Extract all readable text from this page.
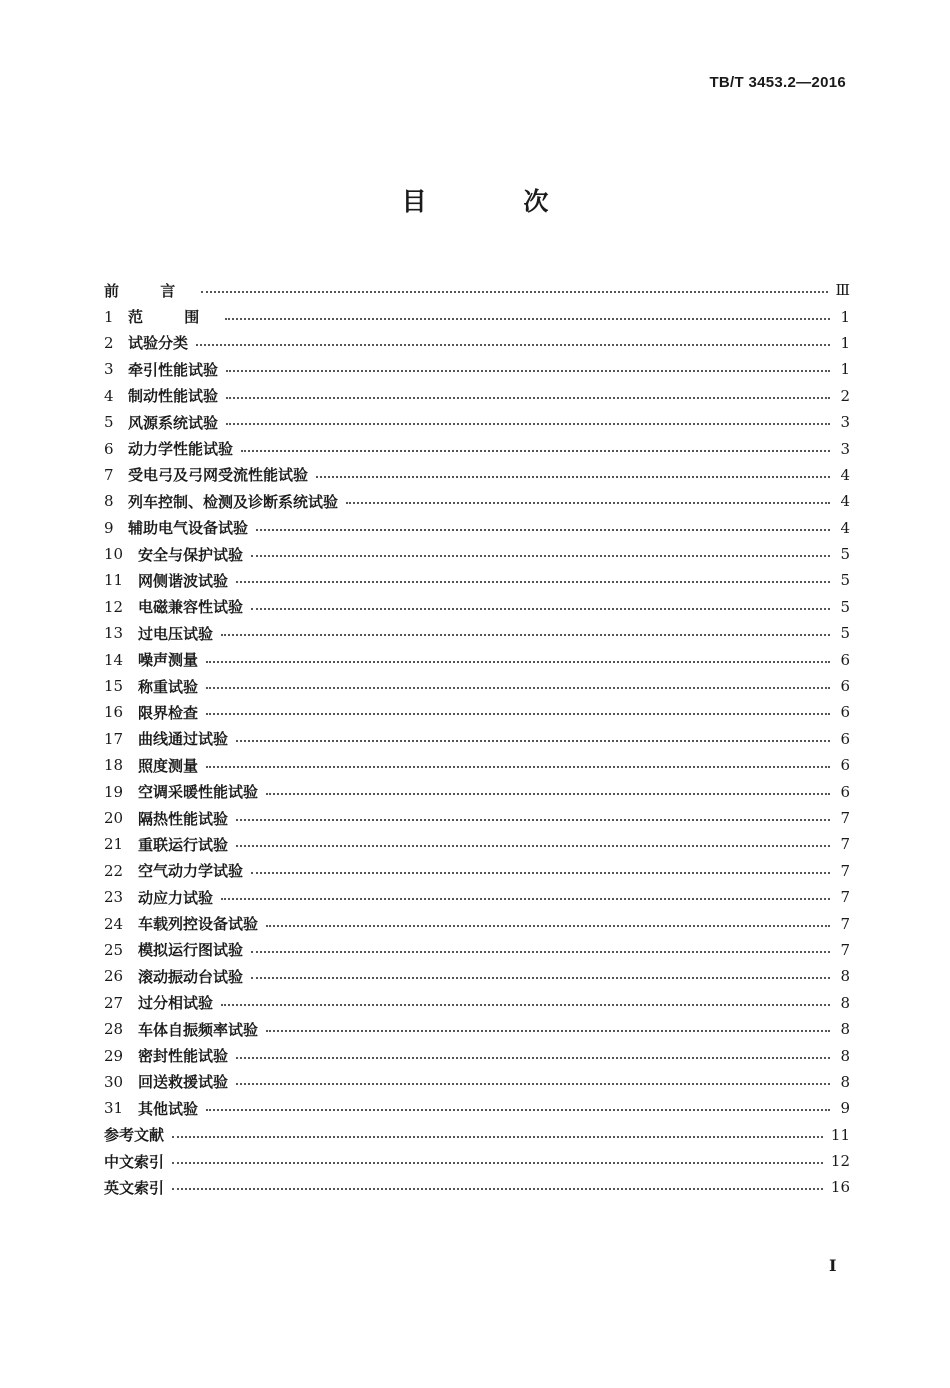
TB/T 3453.2—2016
目 次
前 言	Ⅲ
1 范 围	1
2 试验分类	1
3 牵引性能试验	1
4 制动性能试验	2
5 风源系统试验	3
6 动力学性能试验	3
7 受电弓及弓网受流性能试验	4
8 列车控制、检测及诊断系统试验	4
9 辅助电气设备试验	4
10 安全与保护试验	5
11 网侧谐波试验	5
12 电磁兼容性试验	5
13 过电压试验	5
14 噪声测量	6
15 称重试验	6
16 限界检查	6
17 曲线通过试验	6
18 照度测量	6
19 空调采暖性能试验	6
20 隔热性能试验	7
21 重联运行试验	7
22 空气动力学试验	7
23 动应力试验	7
24 车载列控设备试验	7
25 模拟运行图试验	7
26 滚动振动台试验	8
27 过分相试验	8
28 车体自振频率试验	8
29 密封性能试验	8
30 回送救援试验	8
31 其他试验	9
参考文献	11
中文索引	12
英文索引	16
Ⅰ
